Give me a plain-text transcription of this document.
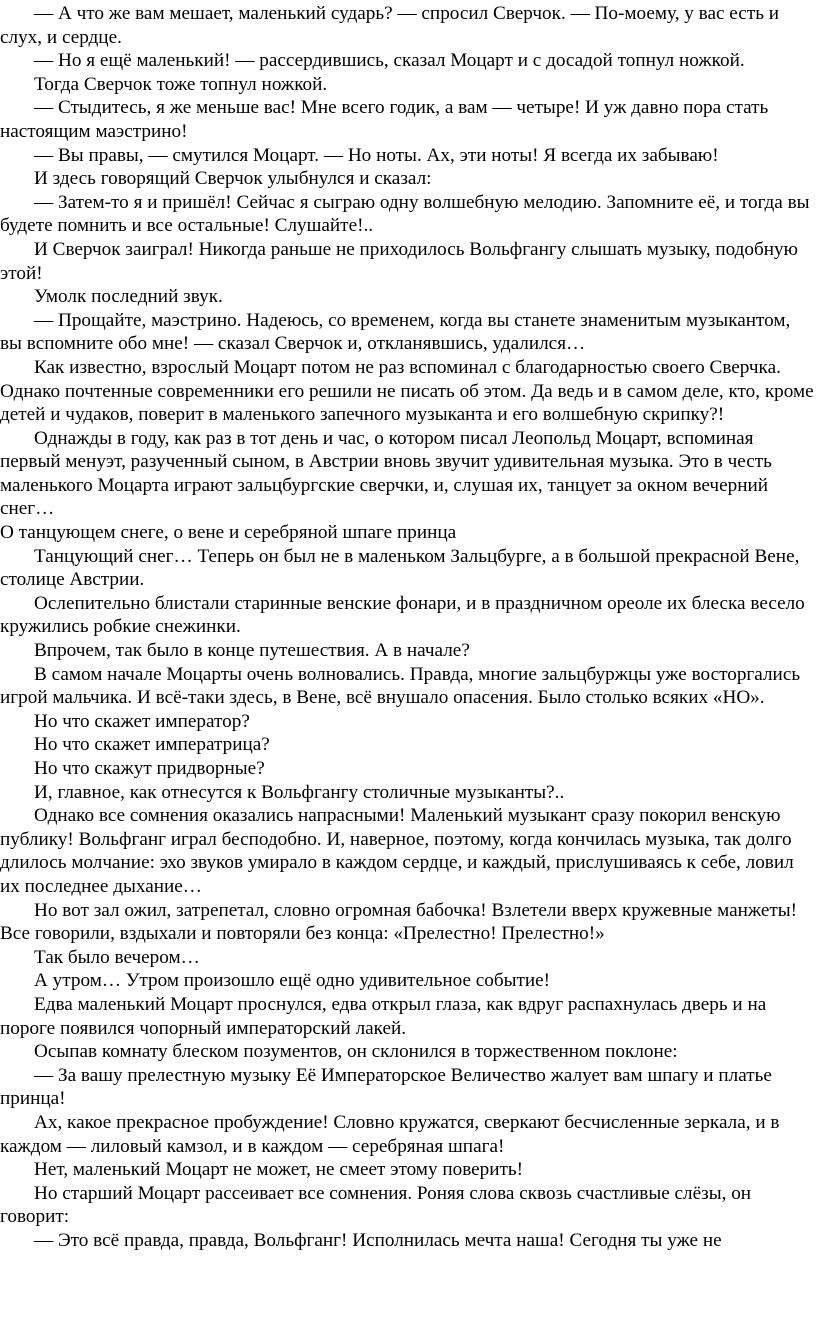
— А что же вам мешает, маленький сударь? — спросил Сверчок. — По-моему, у вас есть и слух, и сердце.

— Но я ещё маленький! — рассердившись, сказал Моцарт и с досадой топнул ножкой.

Тогда Сверчок тоже топнул ножкой.

— Стыдитесь, я же меньше вас! Мне всего годик, а вам — четыре! И уж давно пора стать настоящим маэстрино!

— Вы правы, — смутился Моцарт. — Но ноты. Ах, эти ноты! Я всегда их забываю!

И здесь говорящий Сверчок улыбнулся и сказал:

— Затем-то я и пришёл! Сейчас я сыграю одну волшебную мелодию. Запомните её, и тогда вы будете помнить и все остальные! Слушайте!..

И Сверчок заиграл! Никогда раньше не приходилось Вольфгангу слышать музыку, подобную этой!

Умолк последний звук.

— Прощайте, маэстрино. Надеюсь, со временем, когда вы станете знаменитым музыкантом, вы вспомните обо мне! — сказал Сверчок и, откланявшись, удалился…

Как известно, взрослый Моцарт потом не раз вспоминал с благодарностью своего Сверчка. Однако почтенные современники его решили не писать об этом. Да ведь и в самом деле, кто, кроме детей и чудаков, поверит в маленького запечного музыканта и его волшебную скрипку?!

Однажды в году, как раз в тот день и час, о котором писал Леопольд Моцарт, вспоминая первый менуэт, разученный сыном, в Австрии вновь звучит удивительная музыка. Это в честь маленького Моцарта играют зальцбургские сверчки, и, слушая их, танцует за окном вечерний снег…

О танцующем снеге, о вене и серебряной шпаге принца

Танцующий снег… Теперь он был не в маленьком Зальцбурге, а в большой прекрасной Вене, столице Австрии.

Ослепительно блистали старинные венские фонари, и в праздничном ореоле их блеска весело кружились робкие снежинки.

Впрочем, так было в конце путешествия. А в начале?

В самом начале Моцарты очень волновались. Правда, многие зальцбуржцы уже восторгались игрой мальчика. И всё-таки здесь, в Вене, всё внушало опасения. Было столько всяких «НО».

Но что скажет император?

Но что скажет императрица?

Но что скажут придворные?

И, главное, как отнесутся к Вольфгангу столичные музыканты?..

Однако все сомнения оказались напрасными! Маленький музыкант сразу покорил венскую публику! Вольфганг играл бесподобно. И, наверное, поэтому, когда кончилась музыка, так долго длилось молчание: эхо звуков умирало в каждом сердце, и каждый, прислушиваясь к себе, ловил их последнее дыхание…

Но вот зал ожил, затрепетал, словно огромная бабочка! Взлетели вверх кружевные манжеты! Все говорили, вздыхали и повторяли без конца: «Прелестно! Прелестно!»

Так было вечером…

А утром… Утром произошло ещё одно удивительное событие!

Едва маленький Моцарт проснулся, едва открыл глаза, как вдруг распахнулась дверь и на пороге появился чопорный императорский лакей.

Осыпав комнату блеском позументов, он склонился в торжественном поклоне:

— За вашу прелестную музыку Её Императорское Величество жалует вам шпагу и платье принца!

Ах, какое прекрасное пробуждение! Словно кружатся, сверкают бесчисленные зеркала, и в каждом — лиловый камзол, и в каждом — серебряная шпага!

Нет, маленький Моцарт не может, не смеет этому поверить!

Но старший Моцарт рассеивает все сомнения. Роняя слова сквозь счастливые слёзы, он говорит:

— Это всё правда, правда, Вольфганг! Исполнилась мечта наша! Сегодня ты уже не
